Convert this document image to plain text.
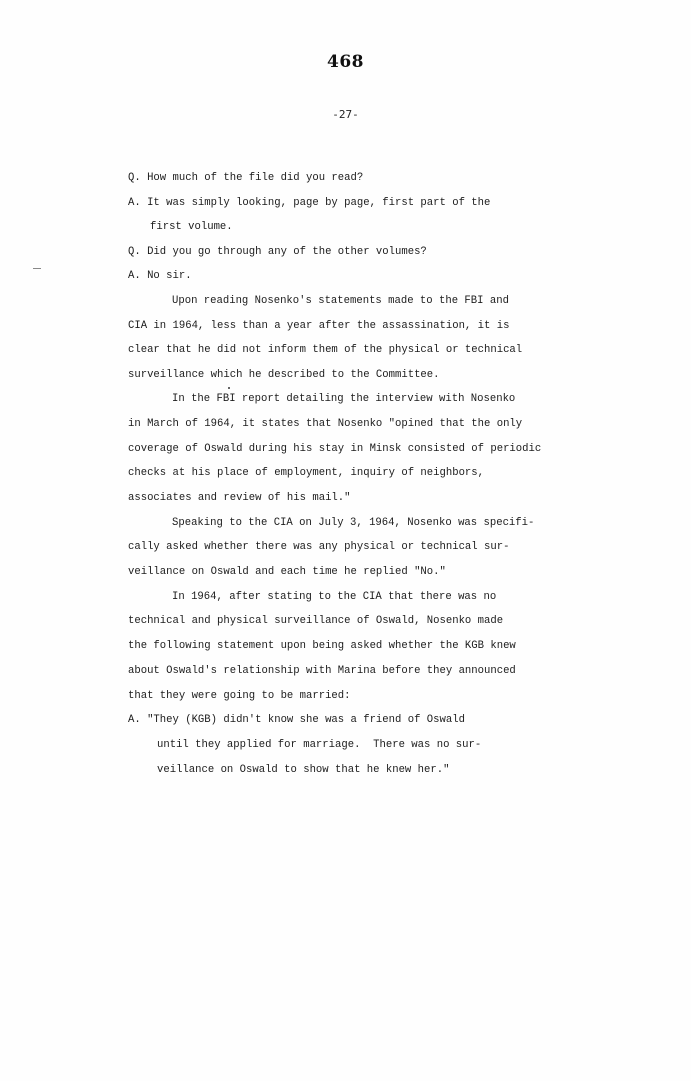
468
-27-
Q. How much of the file did you read?
A. It was simply looking, page by page, first part of the
first volume.
Q. Did you go through any of the other volumes?
A. No sir.
Upon reading Nosenko's statements made to the FBI and
CIA in 1964, less than a year after the assassination, it is
clear that he did not inform them of the physical or technical
surveillance which he described to the Committee.
In the FBI report detailing the interview with Nosenko
in March of 1964, it states that Nosenko "opined that the only
coverage of Oswald during his stay in Minsk consisted of periodic
checks at his place of employment, inquiry of neighbors,
associates and review of his mail."
Speaking to the CIA on July 3, 1964, Nosenko was specifi-
cally asked whether there was any physical or technical sur-
veillance on Oswald and each time he replied "No."
In 1964, after stating to the CIA that there was no
technical and physical surveillance of Oswald, Nosenko made
the following statement upon being asked whether the KGB knew
about Oswald's relationship with Marina before they announced
that they were going to be married:
A. "They (KGB) didn't know she was a friend of Oswald
until they applied for marriage.  There was no sur-
veillance on Oswald to show that he knew her."
